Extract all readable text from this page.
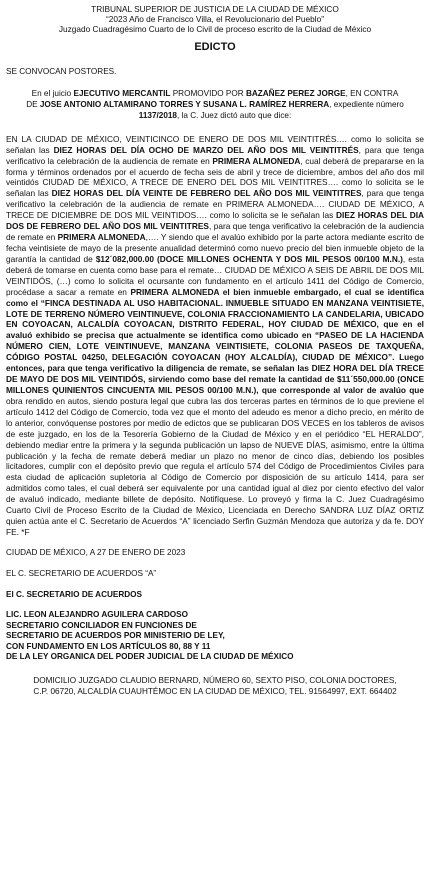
TRIBUNAL SUPERIOR DE JUSTICIA DE LA CIUDAD DE MÉXICO
“2023 Año de Francisco Villa, el Revolucionario del Pueblo”
Juzgado Cuadragésimo Cuarto de lo Civil de proceso escrito de la Ciudad de México
EDICTO

SE CONVOCAN POSTORES.

En el juicio EJECUTIVO MERCANTIL PROMOVIDO POR BAZAÑEZ PEREZ JORGE, EN CONTRA DE JOSE ANTONIO ALTAMIRANO TORRES Y SUSANA L. RAMÍREZ HERRERA, expediente número 1137/2018, la C. Juez dictó auto que dice:

EN LA CIUDAD DE MÉXICO, VEINTICINCO DE ENERO DE DOS MIL VEINTITRÉS…. como lo solicita se señalan las DIEZ HORAS DEL DÍA OCHO DE MARZO DEL AÑO DOS MIL VEINTITRÉS, para que tenga verificativo la celebración de la audiencia de remate en PRIMERA ALMONEDA, cual deberá de prepararse en la forma y términos ordenados por el acuerdo de fecha seis de abril y trece de diciembre, ambos del año dos mil veintidós CIUDAD DE MÉXICO, A TRECE DE ENERO DEL DOS MIL VEINTITRES…. como lo solicita se le señalan las DIEZ HORAS DEL DÍA VEINTE DE FEBRERO DEL AÑO DOS MIL VEINTITRES, para que tenga verificativo la celebración de la audiencia de remate en PRIMERA ALMONEDA…. CIUDAD DE MÉXICO, A TRECE DE DICIEMBRE DE DOS MIL VEINTIDOS…. como lo solicita se le señalan las DIEZ HORAS DEL DIA DOS DE FEBRERO DEL AÑO DOS MIL VEINTITRES, para que tenga verificativo la celebración de la audiencia de remate en PRIMERA ALMONEDA,…. Y siendo que el avalúo exhibido por la parte actora mediante escrito de fecha veintisiete de mayo de la presente anualidad determinó como nuevo precio del bien inmueble objeto de la garantía la cantidad de $12´082,000.00 (DOCE MILLONES OCHENTA Y DOS MIL PESOS 00/100 M.N.), esta deberá de tomarse en cuenta como base para el remate… CIUDAD DE MÉXICO A SEIS DE ABRIL DE DOS MIL VEINTIDÓS, (…) como lo solicita el ocursante con fundamento en el artículo 1411 del Código de Comercio, procédase a sacar a remate en PRIMERA ALMONEDA el bien inmueble embargado, el cual se identifica como el “FINCA DESTINADA AL USO HABITACIONAL. INMUEBLE SITUADO EN MANZANA VEINTISIETE, LOTE DE TERRENO NÚMERO VEINTINUEVE, COLONIA FRACCIONAMIENTO LA CANDELARIA, UBICADO EN COYOACAN, ALCALDÍA COYOACAN, DISTRITO FEDERAL, HOY CIUDAD DE MÉXICO, que en el avaluó exhibido se precisa que actualmente se identifica como ubicado en “PASEO DE LA HACIENDA NÚMERO CIEN, LOTE VEINTINUEVE, MANZANA VEINTISIETE, COLONIA PASEOS DE TAXQUEÑA, CÓDIGO POSTAL 04250, DELEGACIÓN COYOACAN (HOY ALCALDÍA), CIUDAD DE MÉXICO”. Luego entonces, para que tenga verificativo la diligencia de remate, se señalan las DIEZ HORA DEL DÍA TRECE DE MAYO DE DOS MIL VEINTIDÓS, sirviendo como base del remate la cantidad de $11´550,000.00 (ONCE MILLONES QUINIENTOS CINCUENTA MIL PESOS 00/100 M.N.), que corresponde al valor de avalúo que obra rendido en autos, siendo postura legal que cubra las dos terceras partes en términos de lo que previene el artículo 1412 del Código de Comercio, toda vez que el monto del adeudo es menor a dicho precio, en mérito de lo anterior, convóquense postores por medio de edictos que se publicaran DOS VECES en los tableros de avisos de este juzgado, en los de la Tesorería Gobierno de la Ciudad de México y en el periódico “EL HERALDO”, debiendo mediar entre la primera y la segunda publicación un lapso de NUEVE DÍAS, asimismo, entre la última publicación y la fecha de remate deberá mediar un plazo no menor de cinco días, debiendo los posibles licitadores, cumplir con el depósito previo que regula el artículo 574 del Código de Procedimientos Civiles para esta ciudad de aplicación supletoria al Código de Comercio por disposición de su artículo 1414, para ser admitidos como tales, el cual deberá ser equivalente por una cantidad igual al diez por ciento efectivo del valor de avaluó indicado, mediante billete de depósito. Notifíquese. Lo proveyó y firma la C. Juez Cuadragésimo Cuarto Civil de Proceso Escrito de la Ciudad de México, Licenciada en Derecho SANDRA LUZ DÍAZ ORTIZ quien actúa ante el C. Secretario de Acuerdos “A” licenciado Serfin Guzmán Mendoza que autoriza y da fe. DOY FE. *F

CIUDAD DE MÉXICO, A 27 DE ENERO DE 2023

EL C. SECRETARIO DE ACUERDOS “A”

El C. SECRETARIO DE ACUERDOS

LIC. LEON ALEJANDRO AGUILERA CARDOSO

SECRETARIO CONCILIADOR EN FUNCIONES DE

SECRETARIO DE ACUERDOS POR MINISTERIO DE LEY,

CON FUNDAMENTO EN LOS ARTÍCULOS 80, 88 Y 11

DE LA LEY ORGANICA DEL PODER JUDICIAL DE LA CIUDAD DE MÉXICO

DOMICILIO JUZGADO CLAUDIO BERNARD, NÚMERO 60, SEXTO PISO, COLONIA DOCTORES,
C.P. 06720, ALCALDÍA CUAUHTÉMOC EN LA CIUDAD DE MÉXICO, TEL. 91564997, EXT. 664402
